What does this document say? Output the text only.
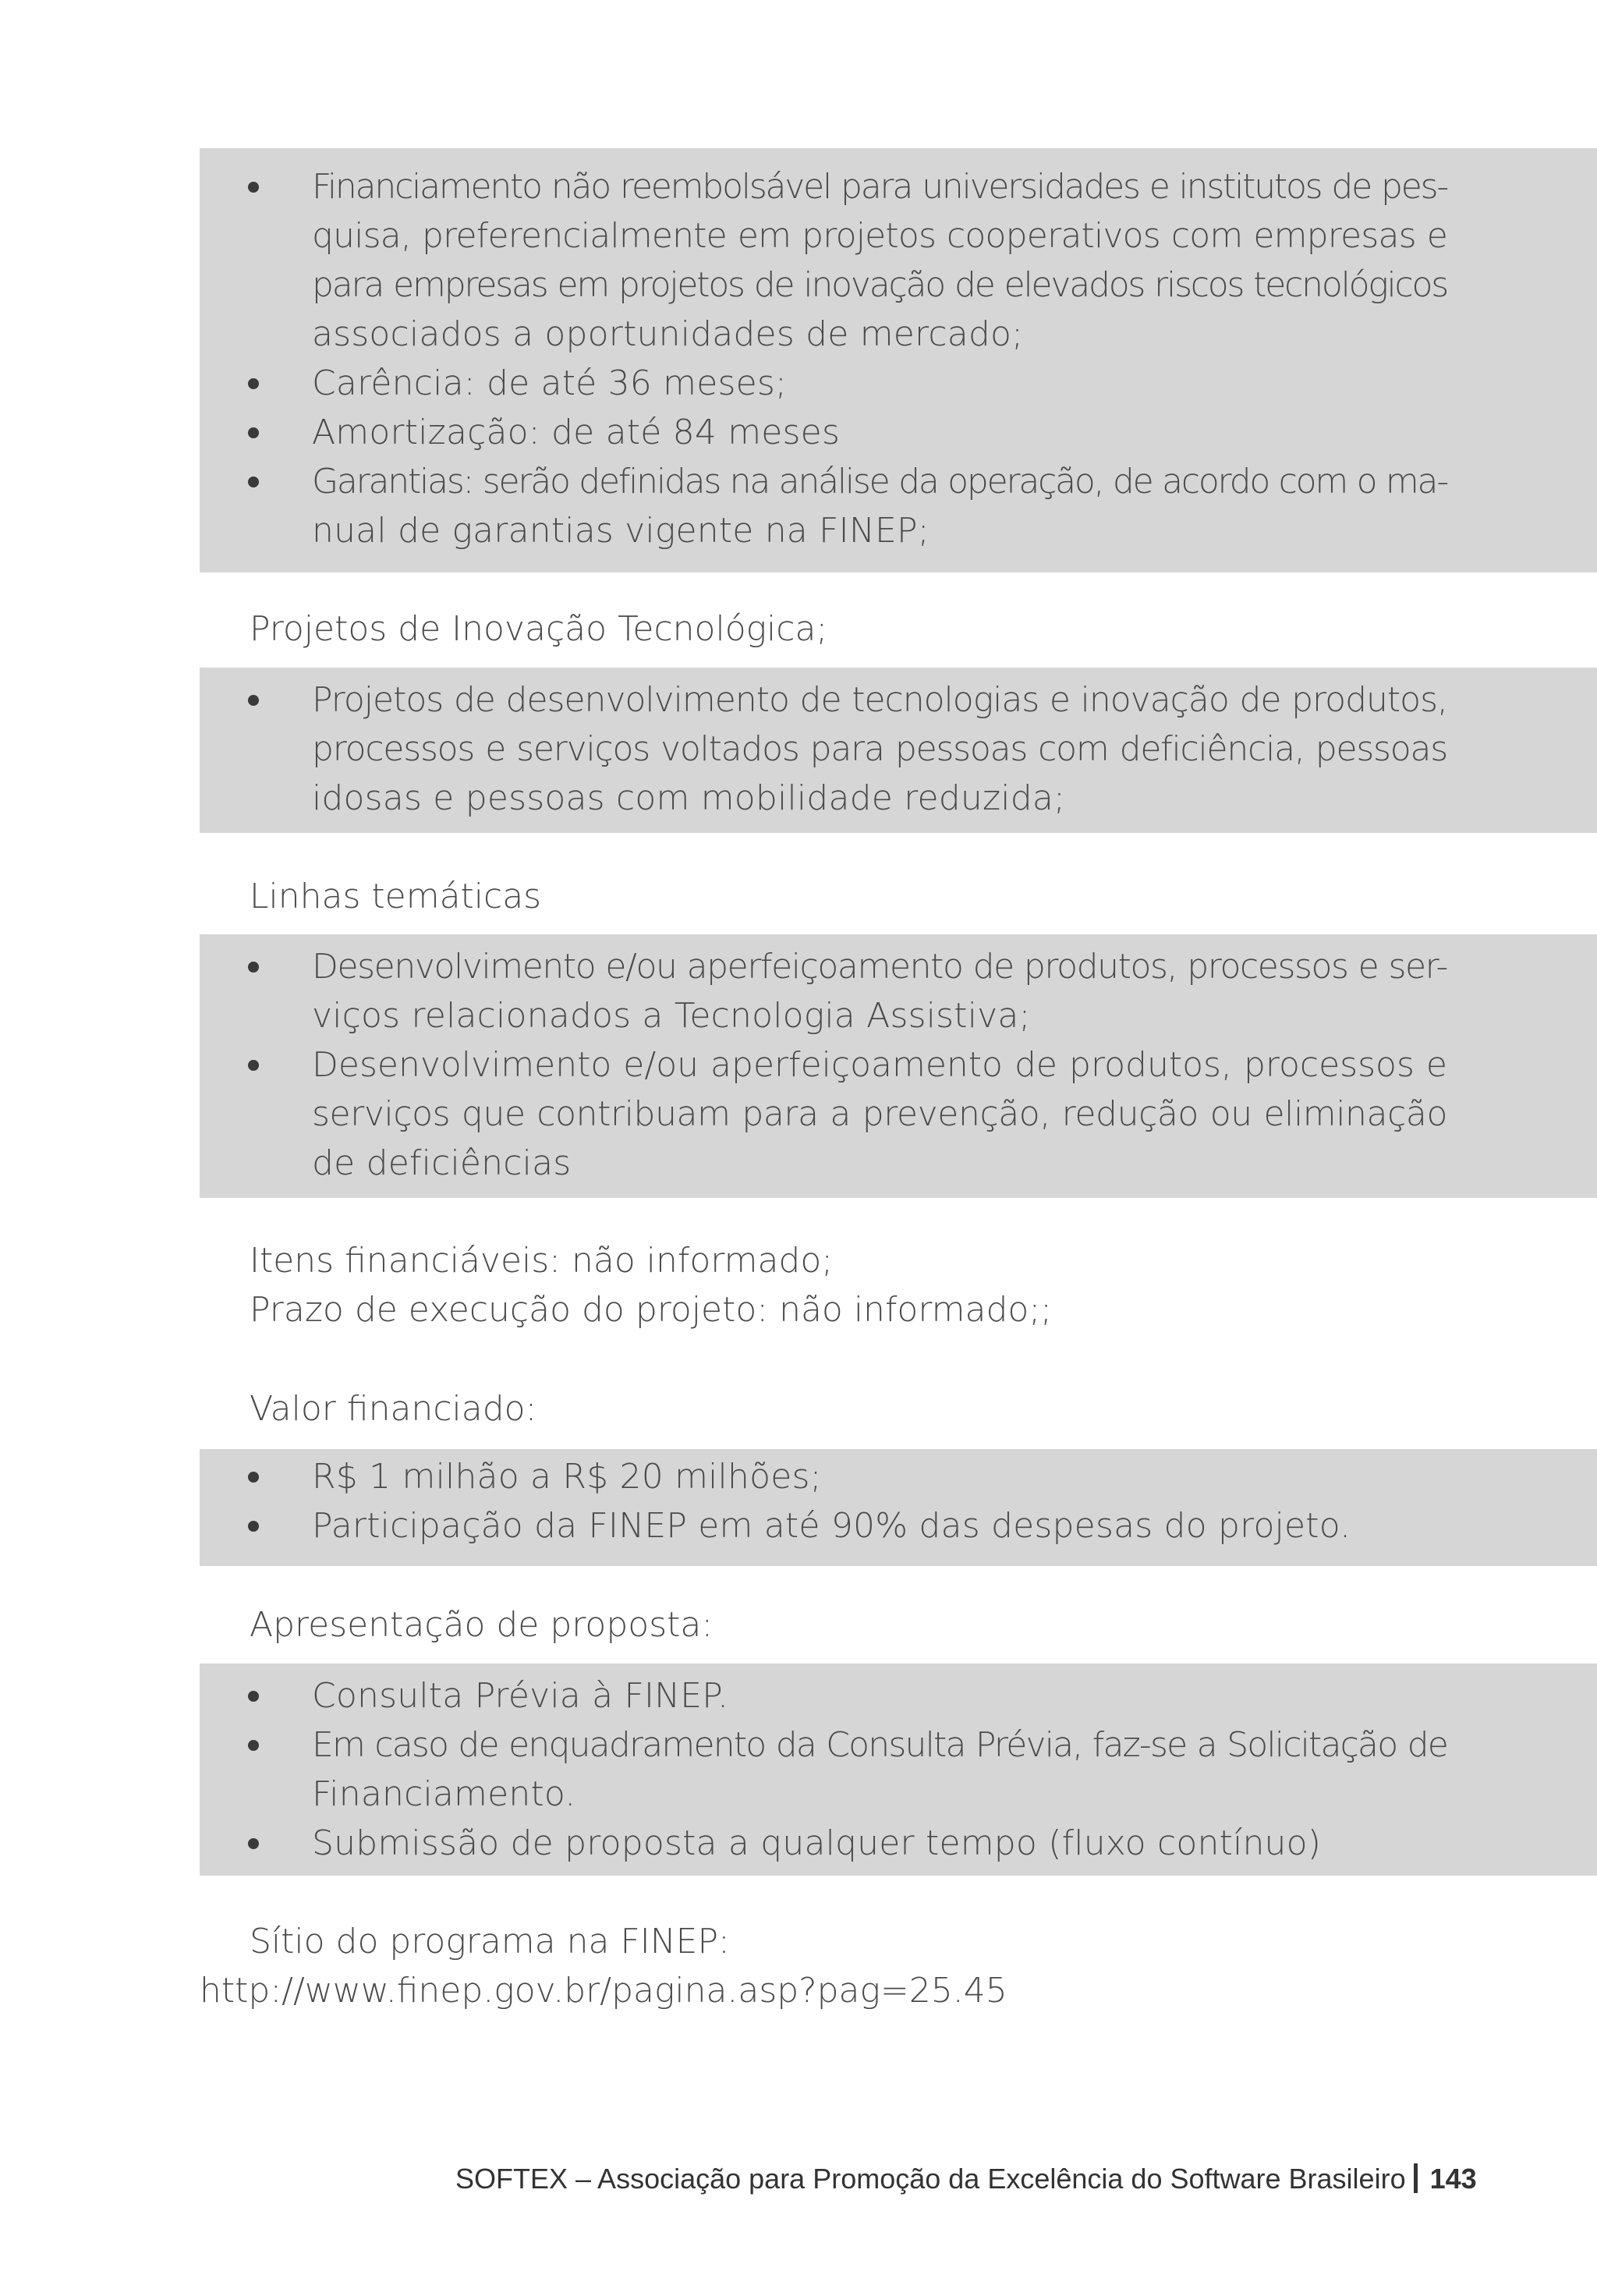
Financiamento não reembolsável para universidades e institutos de pes-
quisa, preferencialmente em projetos cooperativos com empresas e
para empresas em projetos de inovação de elevados riscos tecnológicos
associados a oportunidades de mercado;
Carência: de até 36 meses;
Amortização: de até 84 meses
Garantias: serão definidas na análise da operação, de acordo com o ma-
nual de garantias vigente na FINEP;
Projetos de Inovação Tecnológica;
Projetos de desenvolvimento de tecnologias e inovação de produtos,
processos e serviços voltados para pessoas com deficiência, pessoas
idosas e pessoas com mobilidade reduzida;
Linhas temáticas
Desenvolvimento e/ou aperfeiçoamento de produtos, processos e ser-
viços relacionados a Tecnologia Assistiva;
Desenvolvimento e/ou aperfeiçoamento de produtos, processos e
serviços que contribuam para a prevenção, redução ou eliminação
de deficiências
Itens financiáveis: não informado;
Prazo de execução do projeto: não informado;;
Valor financiado:
R$ 1 milhão a R$ 20 milhões;
Participação da FINEP em até 90% das despesas do projeto.
Apresentação de proposta:
Consulta Prévia à FINEP.
Em caso de enquadramento da Consulta Prévia, faz-se a Solicitação de
Financiamento.
Submissão de proposta a qualquer tempo (fluxo contínuo)
Sítio do programa na FINEP:
http://www.finep.gov.br/pagina.asp?pag=25.45
SOFTEX – Associação para Promoção da Excelência do Software Brasileiro 143
